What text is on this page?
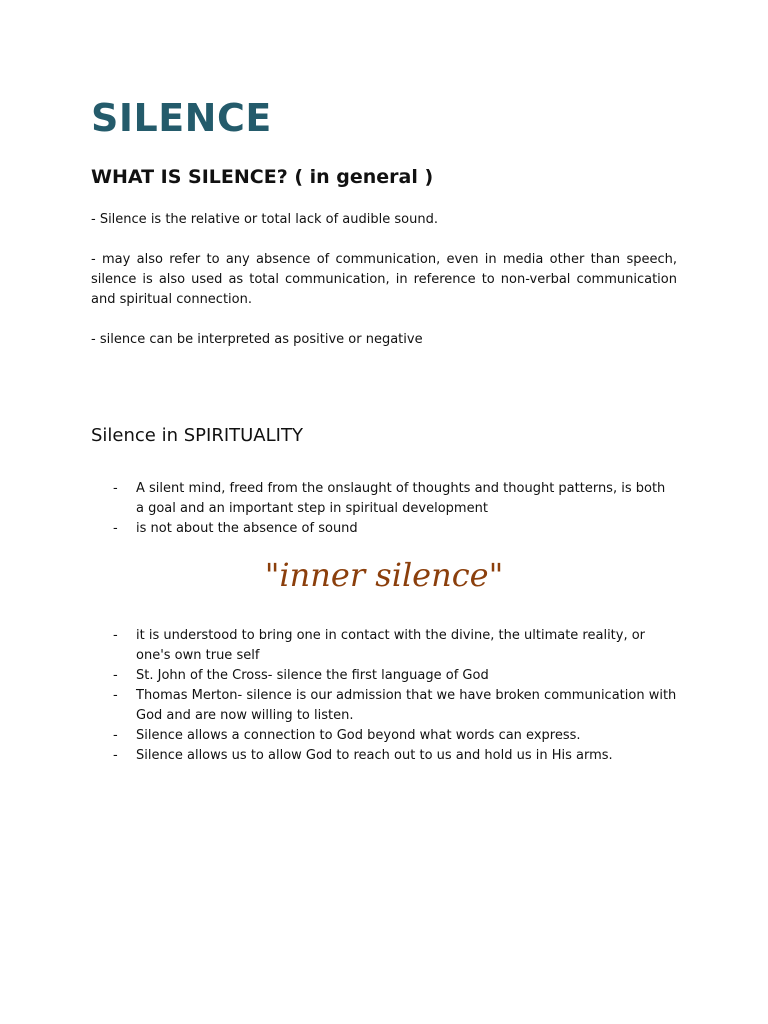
SILENCE
WHAT IS SILENCE? ( in general )

- Silence is the relative or total lack of audible sound.

- may also refer to any absence of communication, even in media other than speech, silence is also used as total communication, in reference to non-verbal communication and spiritual connection.

- silence can be interpreted as positive or negative

Silence in SPIRITUALITY
- A silent mind, freed from the onslaught of thoughts and thought patterns, is both a goal and an important step in spiritual development
- is not about the absence of sound

"inner silence"

- it is understood to bring one in contact with the divine, the ultimate reality, or one's own true self
- St. John of the Cross- silence the first language of God
- Thomas Merton- silence is our admission that we have broken communication with God and are now willing to listen.
- Silence allows a connection to God beyond what words can express.
- Silence allows us to allow God to reach out to us and hold us in His arms.
